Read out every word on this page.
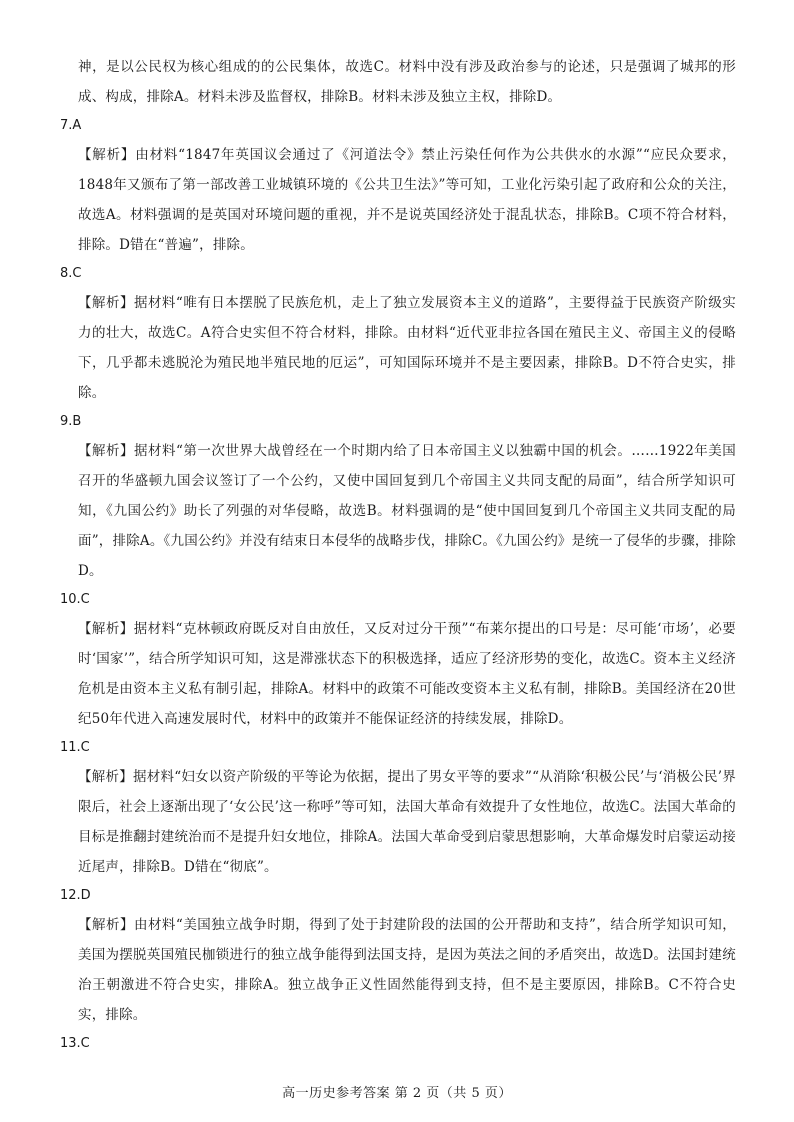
神，是以公民权为核心组成的的公民集体，故选C。材料中没有涉及政治参与的论述，只是强调了城邦的形成、构成，排除A。材料未涉及监督权，排除B。材料未涉及独立主权，排除D。

7.A

【解析】由材料“1847年英国议会通过了《河道法令》禁止污染任何作为公共供水的水源”“应民众要求，1848年又颁布了第一部改善工业城镇环境的《公共卫生法》”等可知，工业化污染引起了政府和公众的关注，故选A。材料强调的是英国对环境问题的重视，并不是说英国经济处于混乱状态，排除B。C项不符合材料，排除。D错在“普遍”，排除。

8.C

【解析】据材料“唯有日本摆脱了民族危机，走上了独立发展资本主义的道路”，主要得益于民族资产阶级实力的壮大，故选C。A符合史实但不符合材料，排除。由材料“近代亚非拉各国在殖民主义、帝国主义的侵略下，几乎都未逃脱沦为殖民地半殖民地的厄运”，可知国际环境并不是主要因素，排除B。D不符合史实，排除。

9.B

【解析】据材料“第一次世界大战曾经在一个时期内给了日本帝国主义以独霸中国的机会。……1922年美国召开的华盛顿九国会议签订了一个公约，又使中国回复到几个帝国主义共同支配的局面”，结合所学知识可知，《九国公约》助长了列强的对华侵略，故选B。材料强调的是“使中国回复到几个帝国主义共同支配的局面”，排除A。《九国公约》并没有结束日本侵华的战略步伐，排除C。《九国公约》是统一了侵华的步骤，排除D。

10.C

【解析】据材料“克林顿政府既反对自由放任，又反对过分干预”“布莱尔提出的口号是：尽可能‘市场’，必要时‘国家’”，结合所学知识可知，这是滞涨状态下的积极选择，适应了经济形势的变化，故选C。资本主义经济危机是由资本主义私有制引起，排除A。材料中的政策不可能改变资本主义私有制，排除B。美国经济在20世纪50年代进入高速发展时代，材料中的政策并不能保证经济的持续发展，排除D。

11.C

【解析】据材料“妇女以资产阶级的平等论为依据，提出了男女平等的要求”“从消除‘积极公民’与‘消极公民’界限后，社会上逐渐出现了‘女公民’这一称呼”等可知，法国大革命有效提升了女性地位，故选C。法国大革命的目标是推翻封建统治而不是提升妇女地位，排除A。法国大革命受到启蒙思想影响，大革命爆发时启蒙运动接近尾声，排除B。D错在“彻底”。

12.D

【解析】由材料“美国独立战争时期，得到了处于封建阶段的法国的公开帮助和支持”，结合所学知识可知，美国为摆脱英国殖民枷锁进行的独立战争能得到法国支持，是因为英法之间的矛盾突出，故选D。法国封建统治王朝激进不符合史实，排除A。独立战争正义性固然能得到支持，但不是主要原因，排除B。C不符合史实，排除。

13.C

高一历史参考答案 第 2 页（共 5 页）
